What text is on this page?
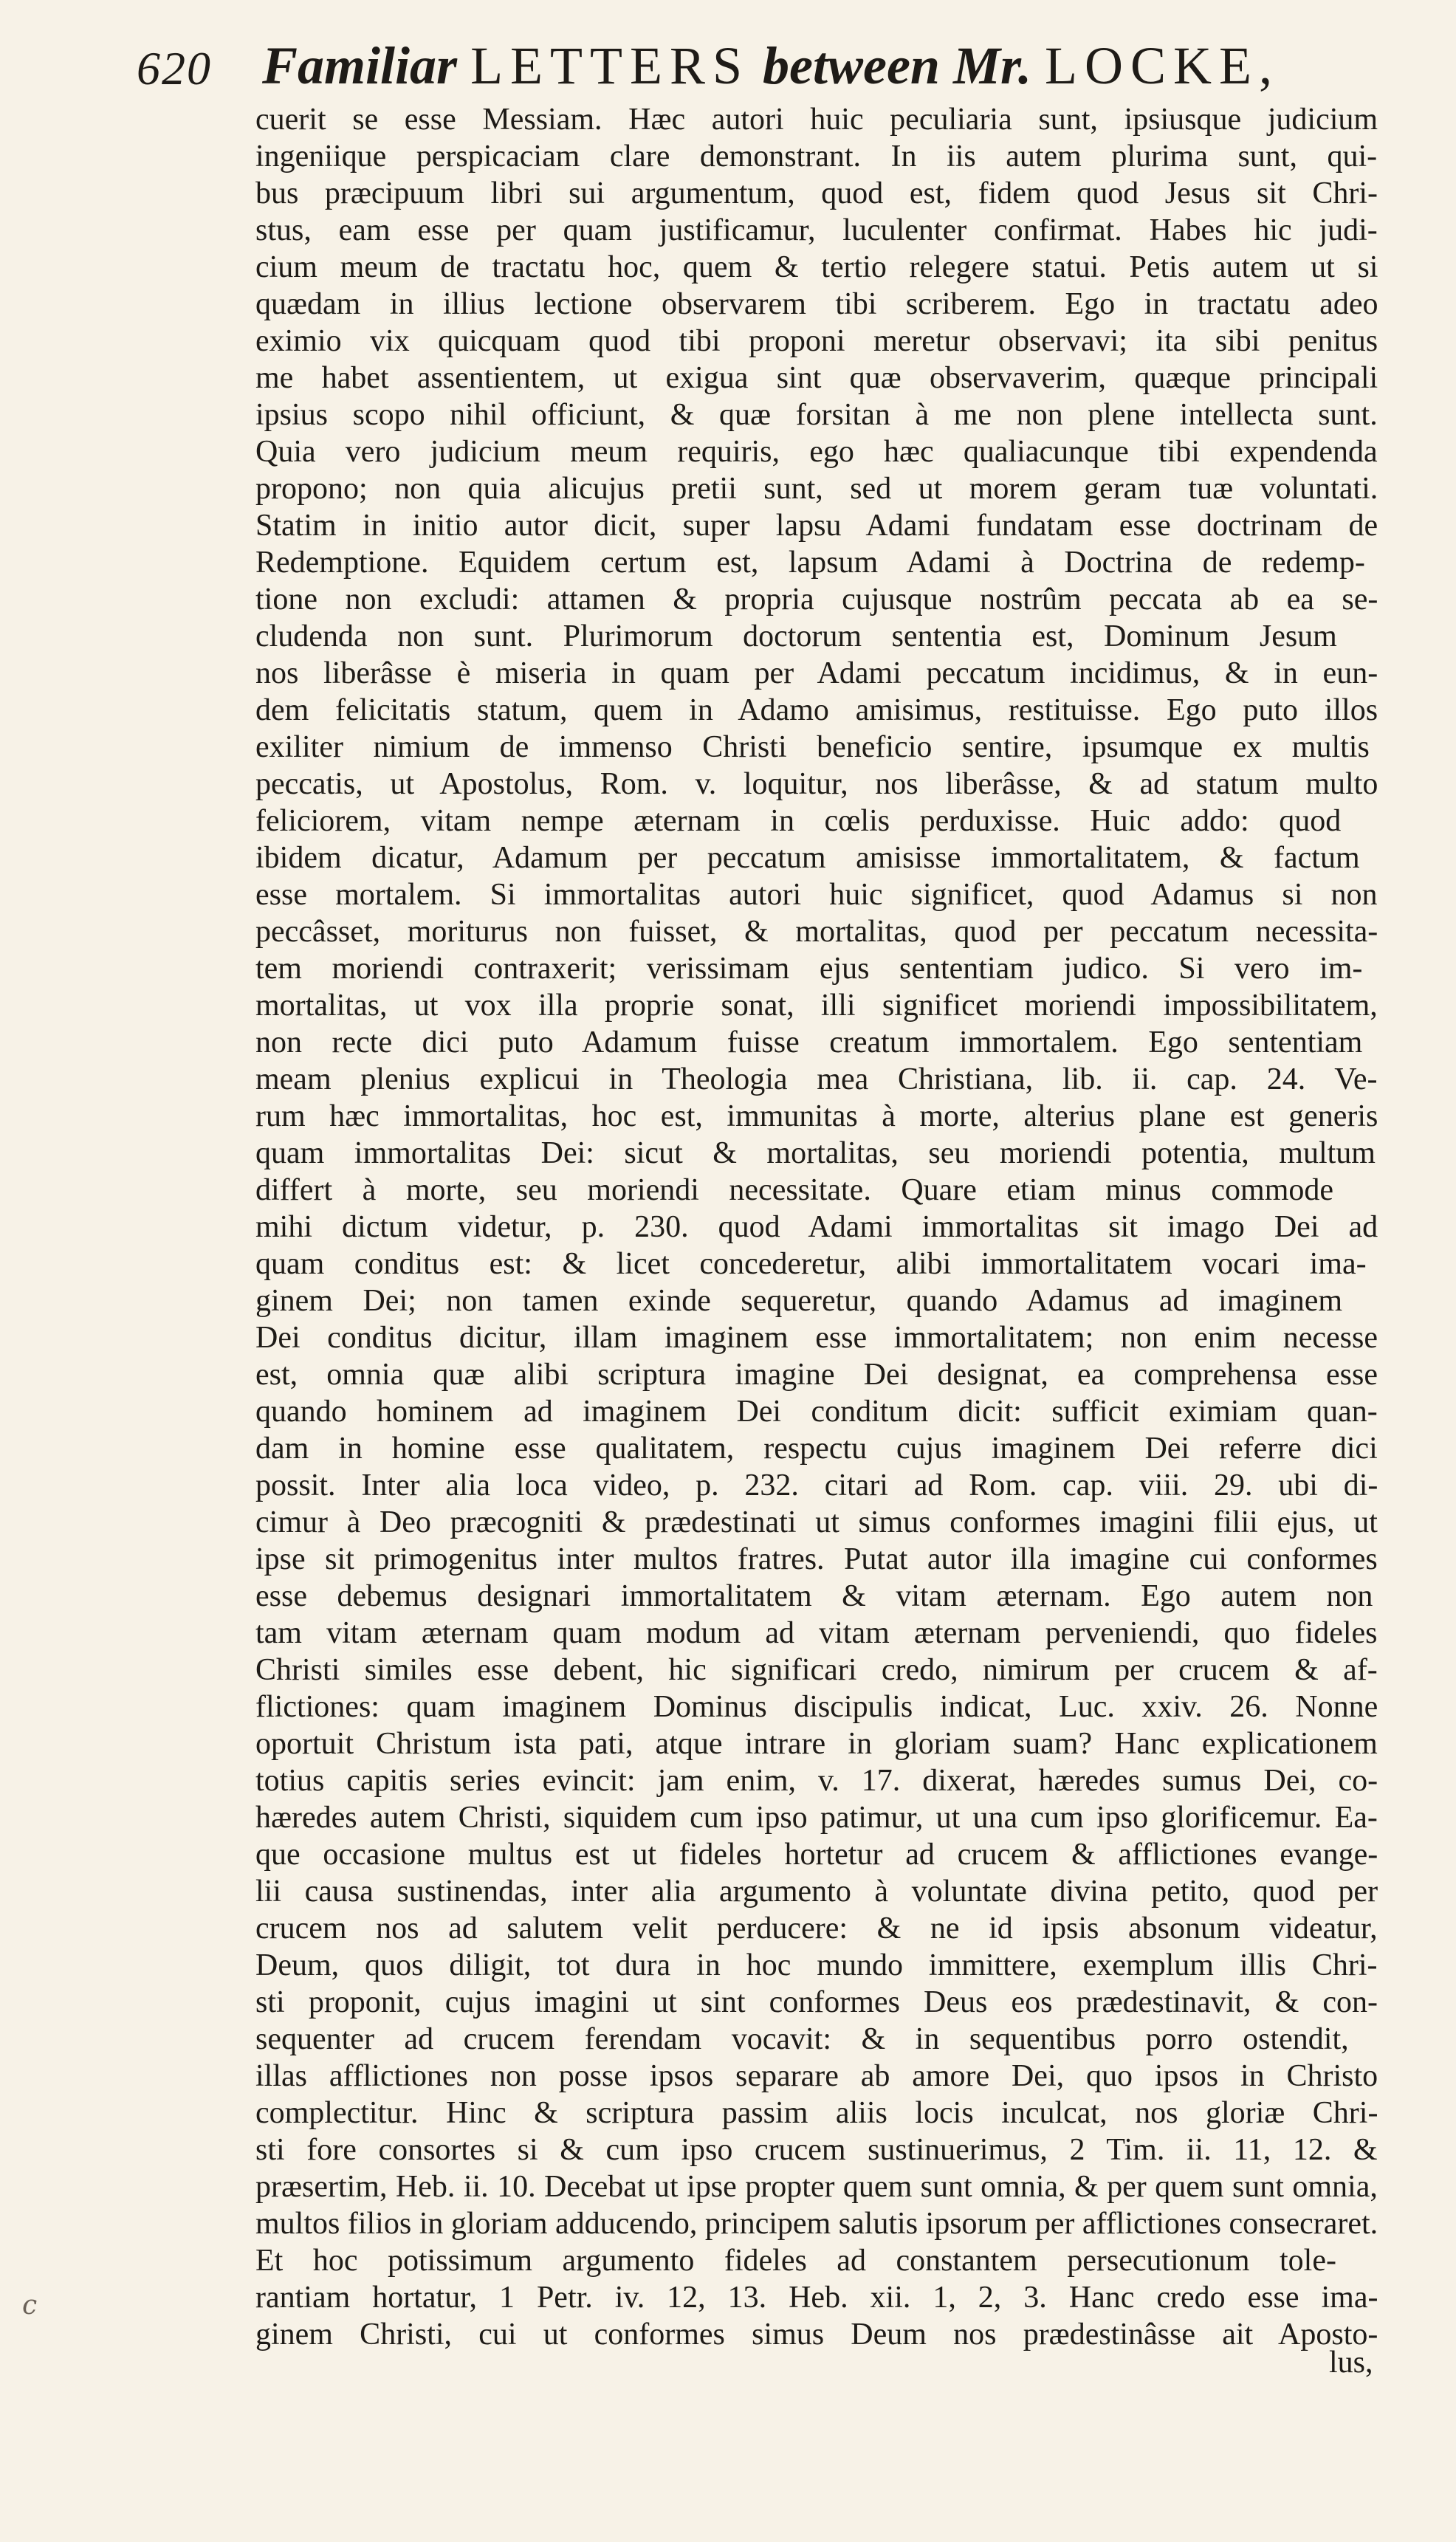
620 Familiar LETTERS between Mr. LOCKE,
cuerit se esse Messiam. Hæc autori huic peculiaria sunt, ipsiusque judicium
ingeniique perspicaciam clare demonstrant. In iis autem plurima sunt, qui-
bus præcipuum libri sui argumentum, quod est, fidem quod Jesus sit Chri-
stus, eam esse per quam justificamur, luculenter confirmat. Habes hic judi-
cium meum de tractatu hoc, quem & tertio relegere statui. Petis autem ut si
quædam in illius lectione observarem tibi scriberem. Ego in tractatu adeo
eximio vix quicquam quod tibi proponi meretur observavi; ita sibi penitus
me habet assentientem, ut exigua sint quæ observaverim, quæque principali
ipsius scopo nihil officiunt, & quæ forsitan à me non plene intellecta sunt.
Quia vero judicium meum requiris, ego hæc qualiacunque tibi expendenda
propono; non quia alicujus pretii sunt, sed ut morem geram tuæ voluntati.
Statim in initio autor dicit, super lapsu Adami fundatam esse doctrinam de
Redemptione. Equidem certum est, lapsum Adami à Doctrina de redemp-
tione non excludi: attamen & propria cujusque nostrûm peccata ab ea se-
cludenda non sunt. Plurimorum doctorum sententia est, Dominum Jesum
nos liberâsse è miseria in quam per Adami peccatum incidimus, & in eun-
dem felicitatis statum, quem in Adamo amisimus, restituisse. Ego puto illos
exiliter nimium de immenso Christi beneficio sentire, ipsumque ex multis
peccatis, ut Apostolus, Rom. v. loquitur, nos liberâsse, & ad statum multo
feliciorem, vitam nempe æternam in cœlis perduxisse. Huic addo: quod
ibidem dicatur, Adamum per peccatum amisisse immortalitatem, & factum
esse mortalem. Si immortalitas autori huic significet, quod Adamus si non
peccâsset, moriturus non fuisset, & mortalitas, quod per peccatum necessita-
tem moriendi contraxerit; verissimam ejus sententiam judico. Si vero im-
mortalitas, ut vox illa proprie sonat, illi significet moriendi impossibilitatem,
non recte dici puto Adamum fuisse creatum immortalem. Ego sententiam
meam plenius explicui in Theologia mea Christiana, lib. ii. cap. 24. Ve-
rum hæc immortalitas, hoc est, immunitas à morte, alterius plane est generis
quam immortalitas Dei: sicut & mortalitas, seu moriendi potentia, multum
differt à morte, seu moriendi necessitate. Quare etiam minus commode
mihi dictum videtur, p. 230. quod Adami immortalitas sit imago Dei ad
quam conditus est: & licet concederetur, alibi immortalitatem vocari ima-
ginem Dei; non tamen exinde sequeretur, quando Adamus ad imaginem
Dei conditus dicitur, illam imaginem esse immortalitatem; non enim necesse
est, omnia quæ alibi scriptura imagine Dei designat, ea comprehensa esse
quando hominem ad imaginem Dei conditum dicit: sufficit eximiam quan-
dam in homine esse qualitatem, respectu cujus imaginem Dei referre dici
possit. Inter alia loca video, p. 232. citari ad Rom. cap. viii. 29. ubi di-
cimur à Deo præcogniti & prædestinati ut simus conformes imagini filii ejus, ut
ipse sit primogenitus inter multos fratres. Putat autor illa imagine cui conformes
esse debemus designari immortalitatem & vitam æternam. Ego autem non
tam vitam æternam quam modum ad vitam æternam perveniendi, quo fideles
Christi similes esse debent, hic significari credo, nimirum per crucem & af-
flictiones: quam imaginem Dominus discipulis indicat, Luc. xxiv. 26. Nonne
oportuit Christum ista pati, atque intrare in gloriam suam? Hanc explicationem
totius capitis series evincit: jam enim, v. 17. dixerat, hæredes sumus Dei, co-
hæredes autem Christi, siquidem cum ipso patimur, ut una cum ipso glorificemur. Ea-
que occasione multus est ut fideles hortetur ad crucem & afflictiones evange-
lii causa sustinendas, inter alia argumento à voluntate divina petito, quod per
crucem nos ad salutem velit perducere: & ne id ipsis absonum videatur,
Deum, quos diligit, tot dura in hoc mundo immittere, exemplum illis Chri-
sti proponit, cujus imagini ut sint conformes Deus eos prædestinavit, & con-
sequenter ad crucem ferendam vocavit: & in sequentibus porro ostendit,
illas afflictiones non posse ipsos separare ab amore Dei, quo ipsos in Christo
complectitur. Hinc & scriptura passim aliis locis inculcat, nos gloriæ Chri-
sti fore consortes si & cum ipso crucem sustinuerimus, 2 Tim. ii. 11, 12. &
præsertim, Heb. ii. 10. Decebat ut ipse propter quem sunt omnia, & per quem sunt omnia,
multos filios in gloriam adducendo, principem salutis ipsorum per afflictiones consecraret.
Et hoc potissimum argumento fideles ad constantem persecutionum tole-
rantiam hortatur, 1 Petr. iv. 12, 13. Heb. xii. 1, 2, 3. Hanc credo esse ima-
ginem Christi, cui ut conformes simus Deum nos prædestinâsse ait Aposto-
lus,
c
